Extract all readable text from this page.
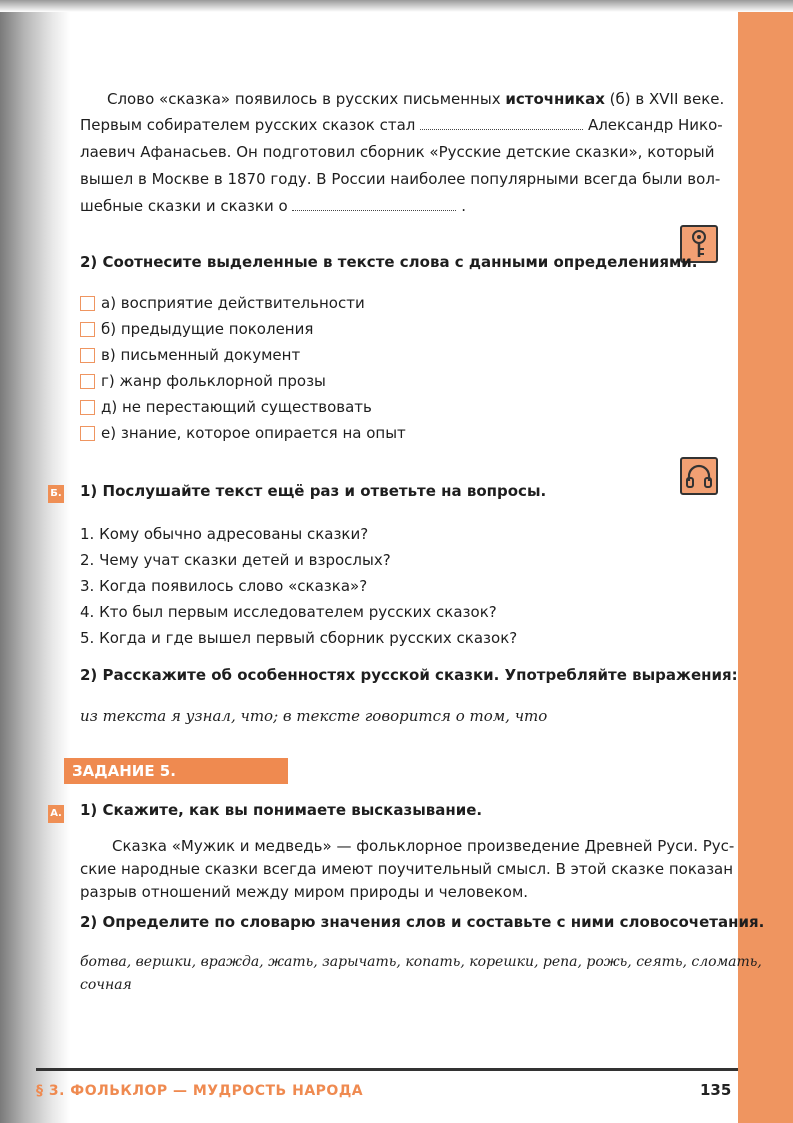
Слово «сказка» появилось в русских письменных источниках (б) в XVII веке.
Первым собирателем русских сказок стал	Александр Нико-
лаевич Афанасьев. Он подготовил сборник «Русские детские сказки», который
вышел в Москве в 1870 году. В России наиболее популярными всегда были вол-
шебные сказки и сказки о	.
2) Соотнесите выделенные в тексте слова с данными определениями.
а) восприятие действительности
б) предыдущие поколения
в) письменный документ
г) жанр фольклорной прозы
д) не перестающий существовать
е) знание, которое опирается на опыт
Б. 1) Послушайте текст ещё раз и ответьте на вопросы.
1. Кому обычно адресованы сказки?
2. Чему учат сказки детей и взрослых?
3. Когда появилось слово «сказка»?
4. Кто был первым исследователем русских сказок?
5. Когда и где вышел первый сборник русских сказок?
2) Расскажите об особенностях русской сказки. Употребляйте выражения:
из текста я узнал, что; в тексте говорится о том, что
ЗАДАНИЕ 5.
А. 1) Скажите, как вы понимаете высказывание.
Сказка «Мужик и медведь» — фольклорное произведение Древней Руси. Рус-
ские народные сказки всегда имеют поучительный смысл. В этой сказке показан
разрыв отношений между миром природы и человеком.
2) Определите по словарю значения слов и составьте с ними словосочетания.
ботва, вершки, вражда, жать, зарычать, копать, корешки, репа, рожь, сеять, сломать,
сочная
§ 3. ФОЛЬКЛОР — МУДРОСТЬ НАРОДА	135
